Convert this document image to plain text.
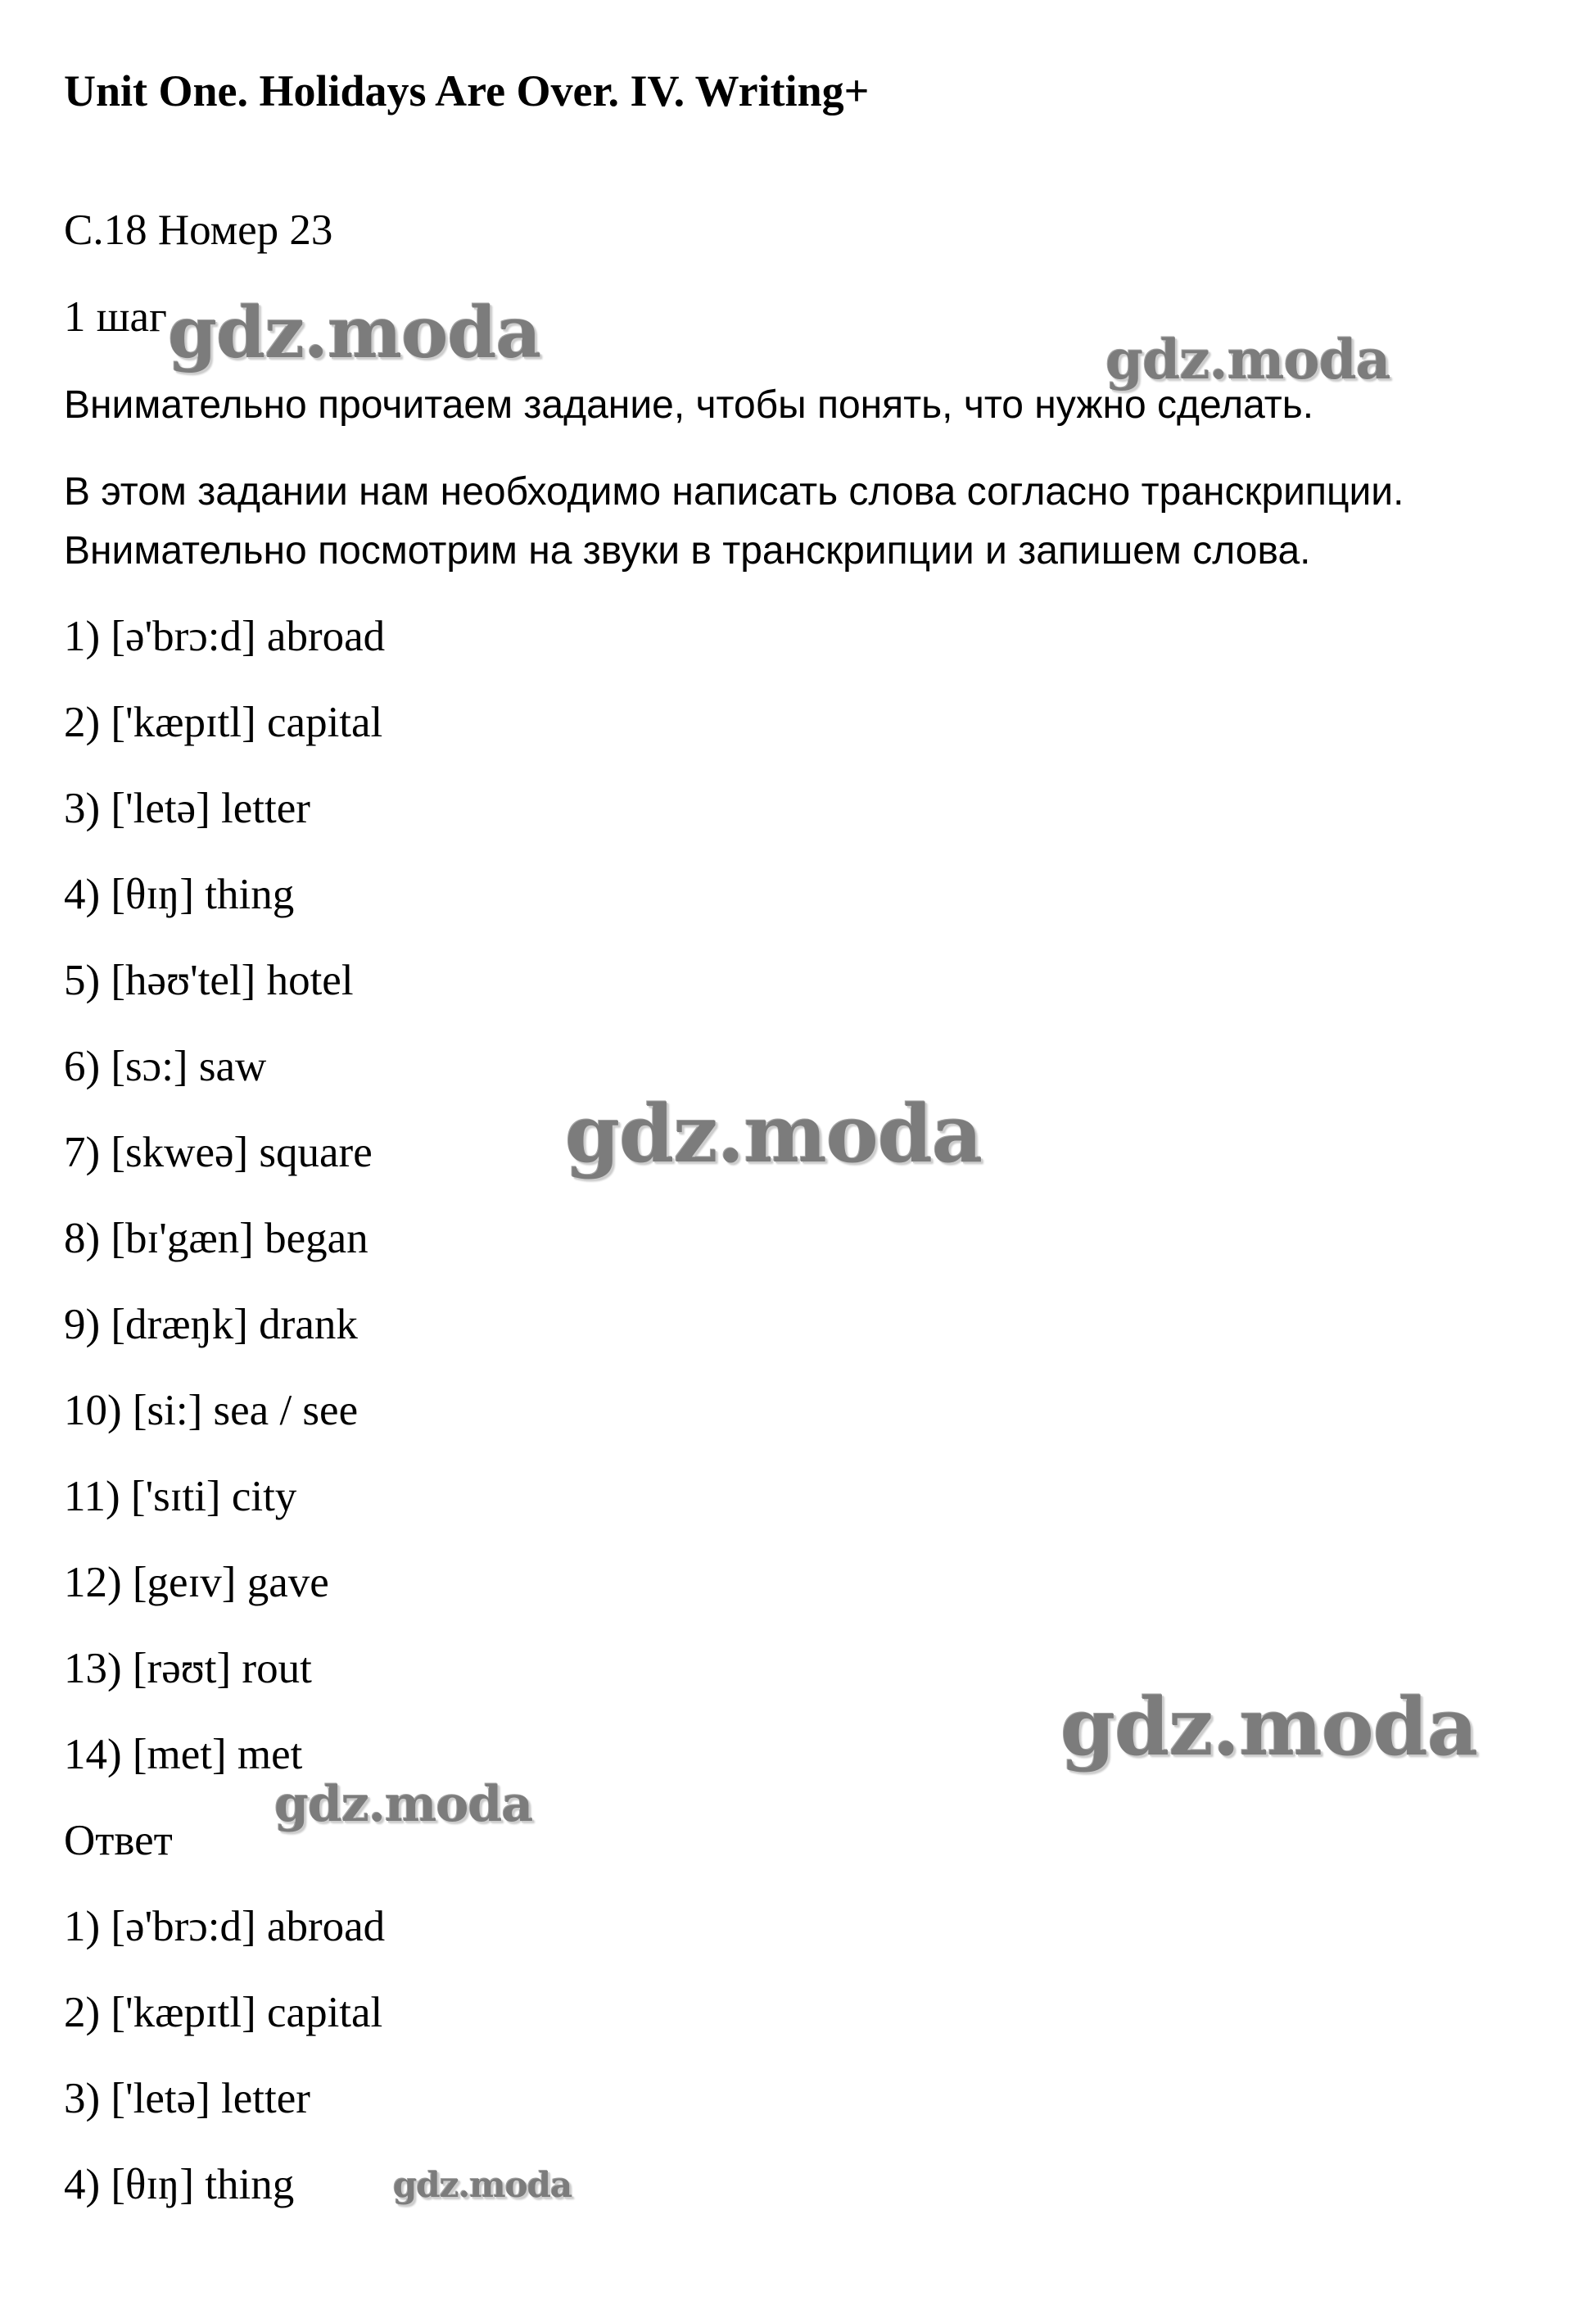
Unit One. Holidays Are Over. IV. Writing+
С.18 Номер 23
1 шаг
Внимательно прочитаем задание, чтобы понять, что нужно сделать.
В этом задании нам необходимо написать слова согласно транскрипции.
Внимательно посмотрим на звуки в транскрипции и запишем слова.
1) [ə'brɔ:d] abroad
2) ['kæpɪtl] capital
3) ['letə] letter
4) [θɪŋ] thing
5) [həʊ'tel] hotel
6) [sɔ:] saw
7) [skweə] square
8) [bɪ'gæn] began
9) [dræŋk] drank
10) [si:] sea / see
11) ['sɪti] city
12) [geɪv] gave
13) [rəʊt] rout
14) [met] met
Ответ
1) [ə'brɔ:d] abroad
2) ['kæpɪtl] capital
3) ['letə] letter
4) [θɪŋ] thing
gdz.moda	gdz.moda
gdz.moda
gdz.moda
gdz.moda
gdz.moda
